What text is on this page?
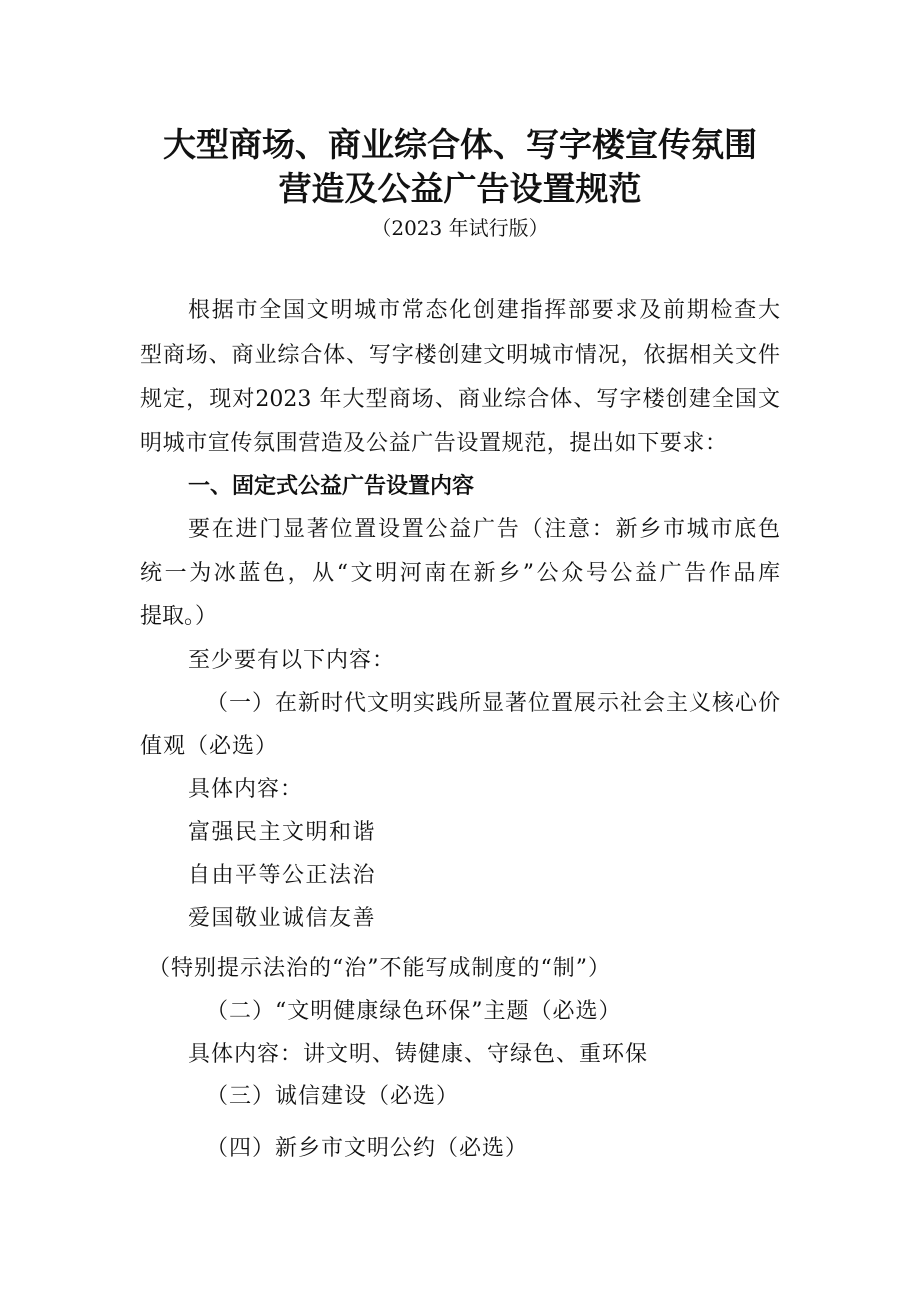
大型商场、商业综合体、写字楼宣传氛围
营造及公益广告设置规范
（2023 年试行版）
根据市全国文明城市常态化创建指挥部要求及前期检查大
型商场、商业综合体、写字楼创建文明城市情况，依据相关文件
规定，现对2023 年大型商场、商业综合体、写字楼创建全国文
明城市宣传氛围营造及公益广告设置规范，提出如下要求：
一、固定式公益广告设置内容
要在进门显著位置设置公益广告（注意：新乡市城市底色
统一为冰蓝色，从“文明河南在新乡”公众号公益广告作品库
提取。）
至少要有以下内容：
（一）在新时代文明实践所显著位置展示社会主义核心价
值观（必选）
具体内容：
富强民主文明和谐
自由平等公正法治
爱国敬业诚信友善
（特别提示法治的“治”不能写成制度的“制”）
（二）“文明健康绿色环保”主题（必选）
具体内容：讲文明、铸健康、守绿色、重环保
（三）诚信建设（必选）
（四）新乡市文明公约（必选）
